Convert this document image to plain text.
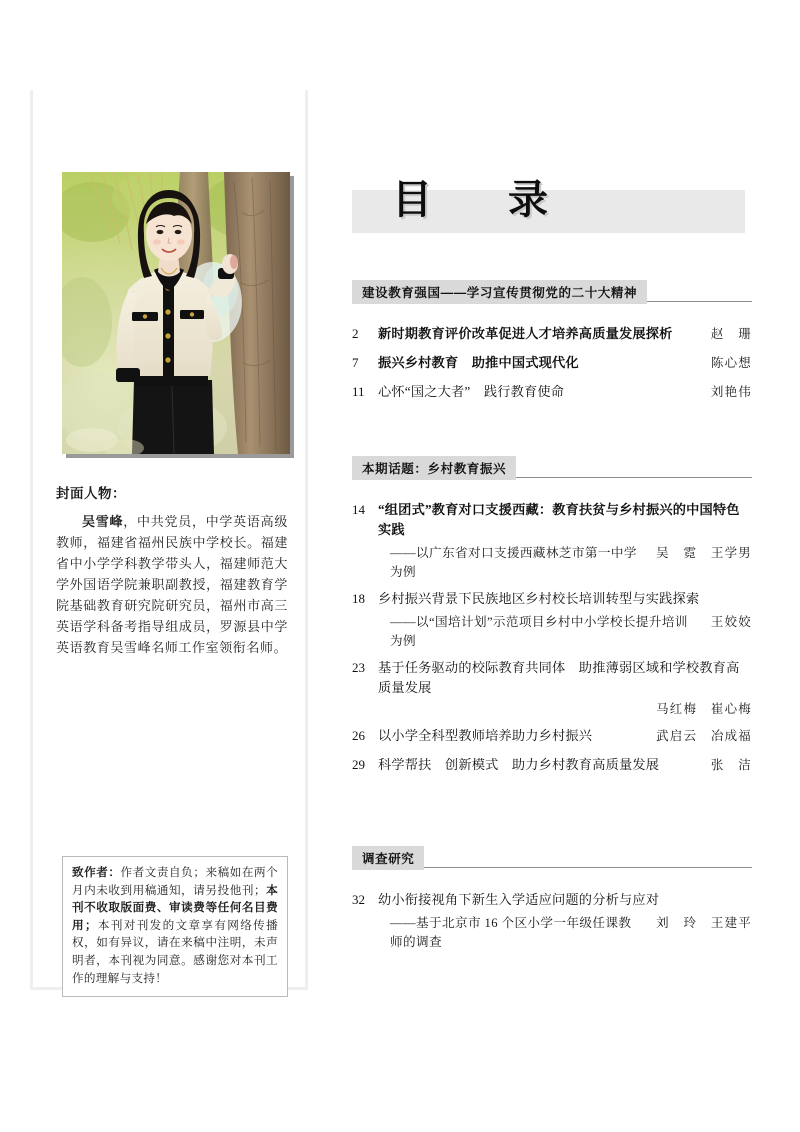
封面人物：
吴雪峰，中共党员，中学英语高级教师，福建省福州民族中学校长。福建省中小学学科教学带头人，福建师范大学外国语学院兼职副教授，福建教育学院基础教育研究院研究员，福州市高三英语学科备考指导组成员，罗源县中学英语教育吴雪峰名师工作室领衔名师。
致作者：作者文责自负；来稿如在两个月内未收到用稿通知，请另投他刊；本刊不收取版面费、审读费等任何名目费用；本刊对刊发的文章享有网络传播权，如有异议，请在来稿中注明，未声明者，本刊视为同意。感谢您对本刊工作的理解与支持！
目　录
建设教育强国——学习宣传贯彻党的二十大精神
2	新时期教育评价改革促进人才培养高质量发展探析	赵　珊
7	振兴乡村教育　助推中国式现代化	陈心想
11	心怀“国之大者”　践行教育使命	刘艳伟
本期话题：乡村教育振兴
14 “组团式”教育对口支援西藏：教育扶贫与乡村振兴的中国特色实践
——以广东省对口支援西藏林芝市第一中学为例
吴　霓　王学男
18 乡村振兴背景下民族地区乡村校长培训转型与实践探索
——以“国培计划”示范项目乡村中小学校长提升培训为例
王姣姣
23 基于任务驱动的校际教育共同体　助推薄弱区域和学校教育高质量发展
马红梅　崔心梅
26 以小学全科型教师培养助力乡村振兴	武启云　冶成福
29 科学帮扶　创新模式　助力乡村教育高质量发展	张　洁
调查研究
32 幼小衔接视角下新生入学适应问题的分析与应对
——基于北京市 16 个区小学一年级任课教师的调查
刘　玲　王建平
